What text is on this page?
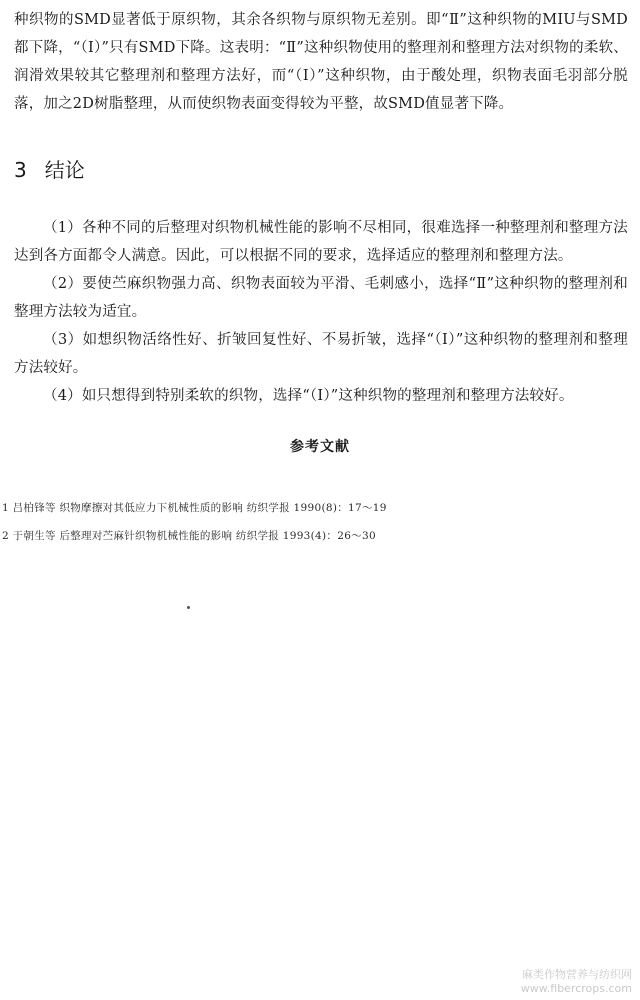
种织物的SMD显著低于原织物，其余各织物与原织物无差别。即“Ⅱ”这种织物的MIU与SMD都下降，“（Ⅰ）”只有SMD下降。这表明：“Ⅱ”这种织物使用的整理剂和整理方法对织物的柔软、润滑效果较其它整理剂和整理方法好，而“（Ⅰ）”这种织物，由于酸处理，织物表面毛羽部分脱落，加之2D树脂整理，从而使织物表面变得较为平整，故SMD值显著下降。

3 结论

（1）各种不同的后整理对织物机械性能的影响不尽相同，很难选择一种整理剂和整理方法达到各方面都令人满意。因此，可以根据不同的要求，选择适应的整理剂和整理方法。

（2）要使苎麻织物强力高、织物表面较为平滑、毛刺感小，选择“Ⅱ”这种织物的整理剂和整理方法较为适宜。

（3）如想织物活络性好、折皱回复性好、不易折皱，选择“（Ⅰ）”这种织物的整理剂和整理方法较好。

（4）如只想得到特别柔软的织物，选择“（Ⅰ）”这种织物的整理剂和整理方法较好。

参考文献
1 吕柏锋等 织物摩擦对其低应力下机械性质的影响 纺织学报 1990(8)：17～19
2 于朝生等 后整理对苎麻针织物机械性能的影响 纺织学报 1993(4)：26～30
麻类作物营养与纺织网
www.fibercrops.com
